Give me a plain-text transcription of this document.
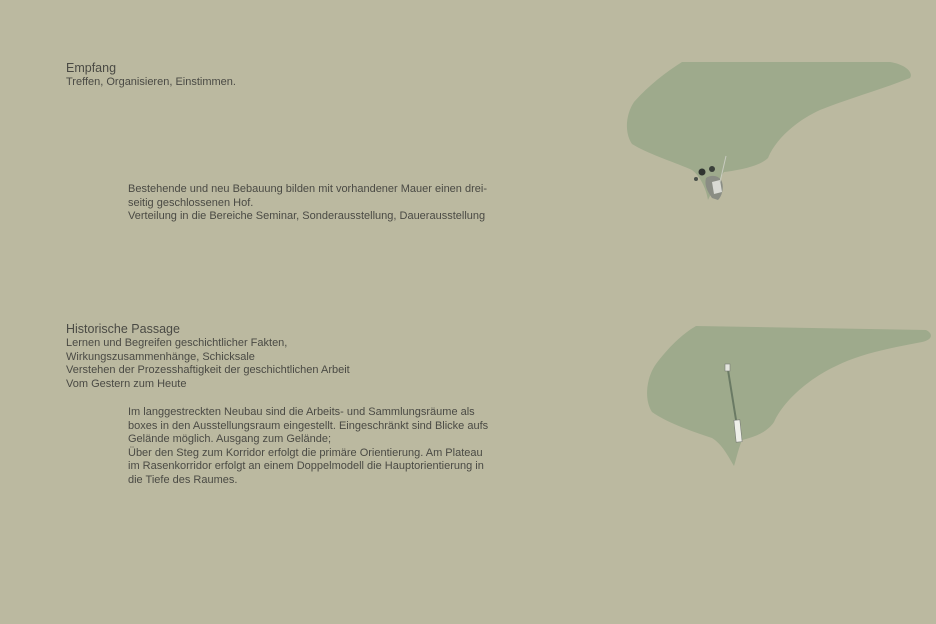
Empfang
Treffen, Organisieren, Einstimmen.
Bestehende und neu Bebauung bilden mit vorhandener Mauer einen drei-
seitig geschlossenen Hof.
Verteilung in die Bereiche Seminar, Sonderausstellung, Dauerausstellung
Historische Passage
Lernen und Begreifen geschichtlicher Fakten,
Wirkungszusammenhänge, Schicksale
Verstehen der Prozesshaftigkeit der geschichtlichen Arbeit
Vom Gestern zum Heute
Im langgestreckten Neubau sind die Arbeits- und Sammlungsräume als
boxes in den Ausstellungsraum eingestellt. Eingeschränkt sind Blicke aufs
Gelände möglich. Ausgang zum Gelände;
Über den Steg zum Korridor erfolgt die primäre Orientierung. Am Plateau
im Rasenkorridor erfolgt an einem Doppelmodell die Hauptorientierung in
die Tiefe des Raumes.
